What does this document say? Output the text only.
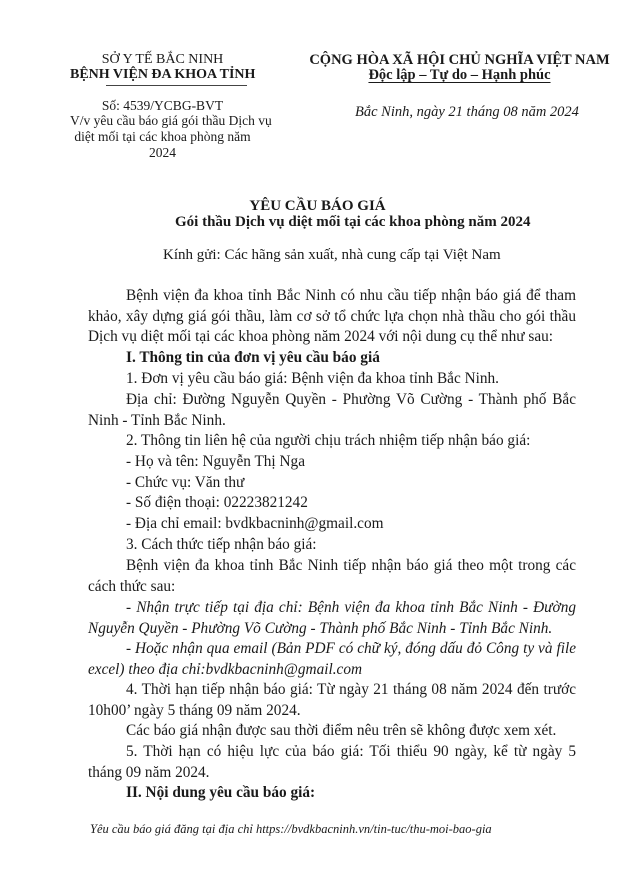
SỞ Y TẾ BẮC NINH
BỆNH VIỆN ĐA KHOA TỈNH
Số: 4539/YCBG-BVT
V/v yêu cầu báo giá gói thầu Dịch vụ
diệt mối tại các khoa phòng năm
2024
CỘNG HÒA XÃ HỘI CHỦ NGHĨA VIỆT NAM
Độc lập – Tự do – Hạnh phúc
Bắc Ninh, ngày 21 tháng 08 năm 2024
YÊU CẦU BÁO GIÁ
Gói thầu Dịch vụ diệt mối tại các khoa phòng năm 2024
Kính gửi: Các hãng sản xuất, nhà cung cấp tại Việt Nam
Bệnh viện đa khoa tỉnh Bắc Ninh có nhu cầu tiếp nhận báo giá để tham khảo, xây dựng giá gói thầu, làm cơ sở tổ chức lựa chọn nhà thầu cho gói thầu Dịch vụ diệt mối tại các khoa phòng năm 2024 với nội dung cụ thể như sau:
I. Thông tin của đơn vị yêu cầu báo giá
1. Đơn vị yêu cầu báo giá: Bệnh viện đa khoa tỉnh Bắc Ninh.
Địa chỉ: Đường Nguyễn Quyền - Phường Võ Cường - Thành phố Bắc Ninh - Tỉnh Bắc Ninh.
2. Thông tin liên hệ của người chịu trách nhiệm tiếp nhận báo giá:
- Họ và tên: Nguyễn Thị Nga
- Chức vụ: Văn thư
- Số điện thoại: 02223821242
- Địa chỉ email: bvdkbacninh@gmail.com
3. Cách thức tiếp nhận báo giá:
Bệnh viện đa khoa tỉnh Bắc Ninh tiếp nhận báo giá theo một trong các cách thức sau:
- Nhận trực tiếp tại địa chỉ: Bệnh viện đa khoa tỉnh Bắc Ninh - Đường Nguyễn Quyền - Phường Võ Cường - Thành phố Bắc Ninh - Tỉnh Bắc Ninh.
- Hoặc nhận qua email (Bản PDF có chữ ký, đóng dấu đỏ Công ty và file excel) theo địa chỉ:bvdkbacninh@gmail.com
4. Thời hạn tiếp nhận báo giá: Từ ngày 21 tháng 08 năm 2024 đến trước 10h00’ ngày 5 tháng 09 năm 2024.
Các báo giá nhận được sau thời điểm nêu trên sẽ không được xem xét.
5. Thời hạn có hiệu lực của báo giá: Tối thiểu 90 ngày, kể từ ngày 5 tháng 09 năm 2024.
II. Nội dung yêu cầu báo giá:
Yêu cầu báo giá đăng tại địa chỉ https://bvdkbacninh.vn/tin-tuc/thu-moi-bao-gia
